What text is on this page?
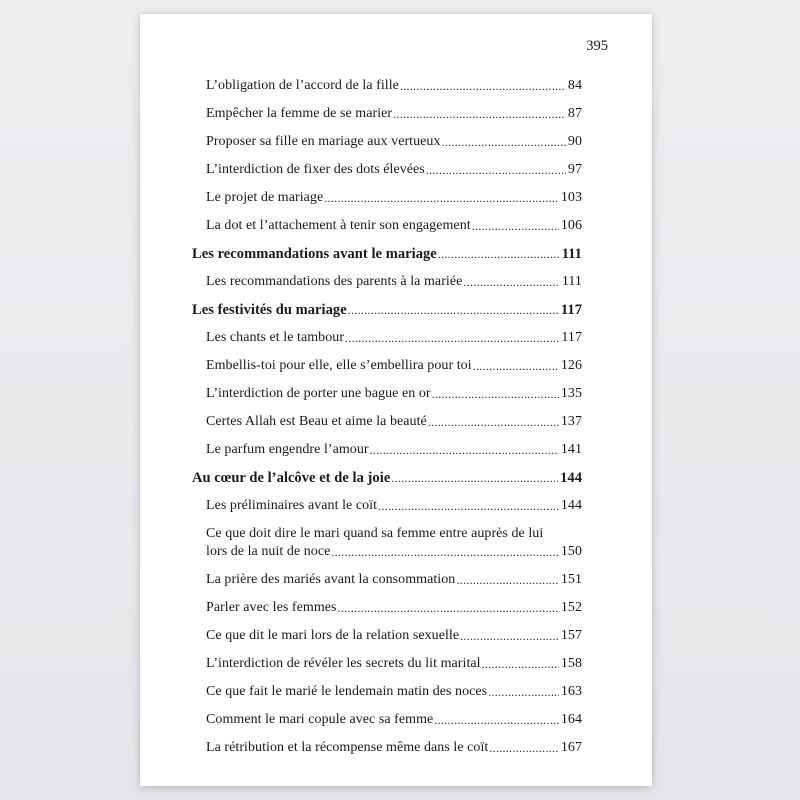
395
L’obligation de l’accord de la fille .....	84
Empêcher la femme de se marier .....	87
Proposer sa fille en mariage aux vertueux .....	90
L’interdiction de fixer des dots élevées .....	97
Le projet de mariage .....	103
La dot et l’attachement à tenir son engagement .....	106
Les recommandations avant le mariage .....	111
Les recommandations des parents à la mariée .....	111
Les festivités du mariage .....	117
Les chants et le tambour .....	117
Embellis-toi pour elle, elle s’embellira pour toi .....	126
L’interdiction de porter une bague en or .....	135
Certes Allah est Beau et aime la beauté .....	137
Le parfum engendre l’amour .....	141
Au cœur de l’alcôve et de la joie .....	144
Les préliminaires avant le coït .....	144
Ce que doit dire le mari quand sa femme entre auprès de lui
lors de la nuit de noce .....	150
La prière des mariés avant la consommation .....	151
Parler avec les femmes .....	152
Ce que dit le mari lors de la relation sexuelle .....	157
L’interdiction de révéler les secrets du lit marital .....	158
Ce que fait le marié le lendemain matin des noces .....	163
Comment le mari copule avec sa femme .....	164
La rétribution et la récompense même dans le coït .....	167
